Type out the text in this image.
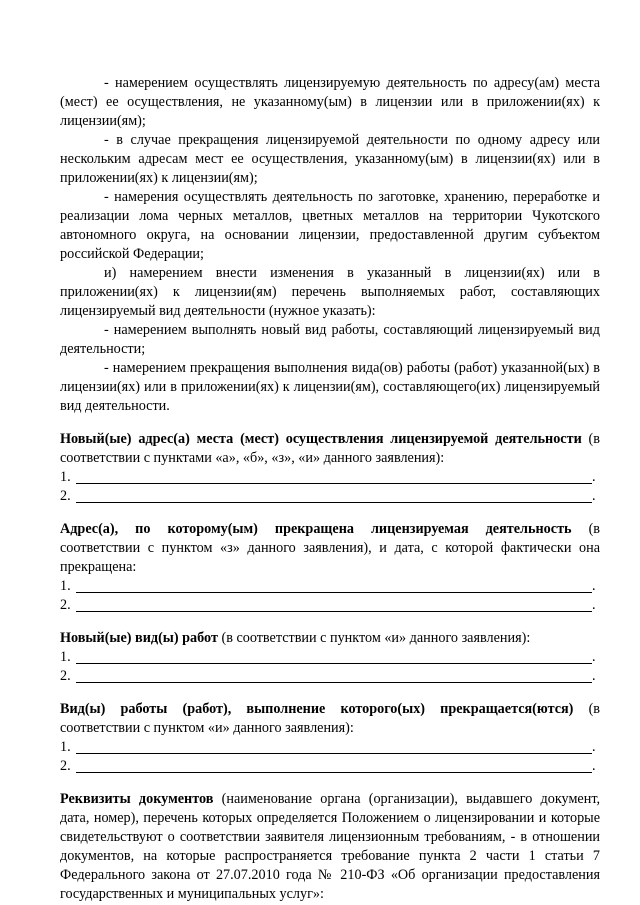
- намерением осуществлять лицензируемую деятельность по адресу(ам) места (мест) ее осуществления, не указанному(ым) в лицензии или в приложении(ях) к лицензии(ям);

- в случае прекращения лицензируемой деятельности по одному адресу или нескольким адресам мест ее осуществления, указанному(ым) в лицензии(ях) или в приложении(ях) к лицензии(ям);

- намерения осуществлять деятельность по заготовке, хранению, переработке и реализации лома черных металлов, цветных металлов на территории Чукотского автономного округа, на основании лицензии, предоставленной другим субъектом российской Федерации;

и) намерением внести изменения в указанный в лицензии(ях) или в приложении(ях) к лицензии(ям) перечень выполняемых работ, составляющих лицензируемый вид деятельности (нужное указать):

- намерением выполнять новый вид работы, составляющий лицензируемый вид деятельности;

- намерением прекращения выполнения вида(ов) работы (работ) указанной(ых) в лицензии(ях) или в приложении(ях) к лицензии(ям), составляющего(их) лицензируемый вид деятельности.

Новый(ые) адрес(а) места (мест) осуществления лицензируемой деятельности (в соответствии с пунктами «а», «б», «з», «и» данного заявления):

1.	.
2.	.

Адрес(а), по которому(ым) прекращена лицензируемая деятельность (в соответствии с пунктом «з» данного заявления), и дата, с которой фактически она прекращена:

1.	.
2.	.

Новый(ые) вид(ы) работ (в соответствии с пунктом «и» данного заявления):

1.	.
2.	.

Вид(ы) работы (работ), выполнение которого(ых) прекращается(ются) (в соответствии с пунктом «и» данного заявления):

1.	.
2.	.

Реквизиты документов (наименование органа (организации), выдавшего документ, дата, номер), перечень которых определяется Положением о лицензировании и которые свидетельствуют о соответствии заявителя лицензионным требованиям, - в отношении документов, на которые распространяется требование пункта 2 части 1 статьи 7 Федерального закона от 27.07.2010 года № 210-ФЗ «Об организации предоставления государственных и муниципальных услуг»:
